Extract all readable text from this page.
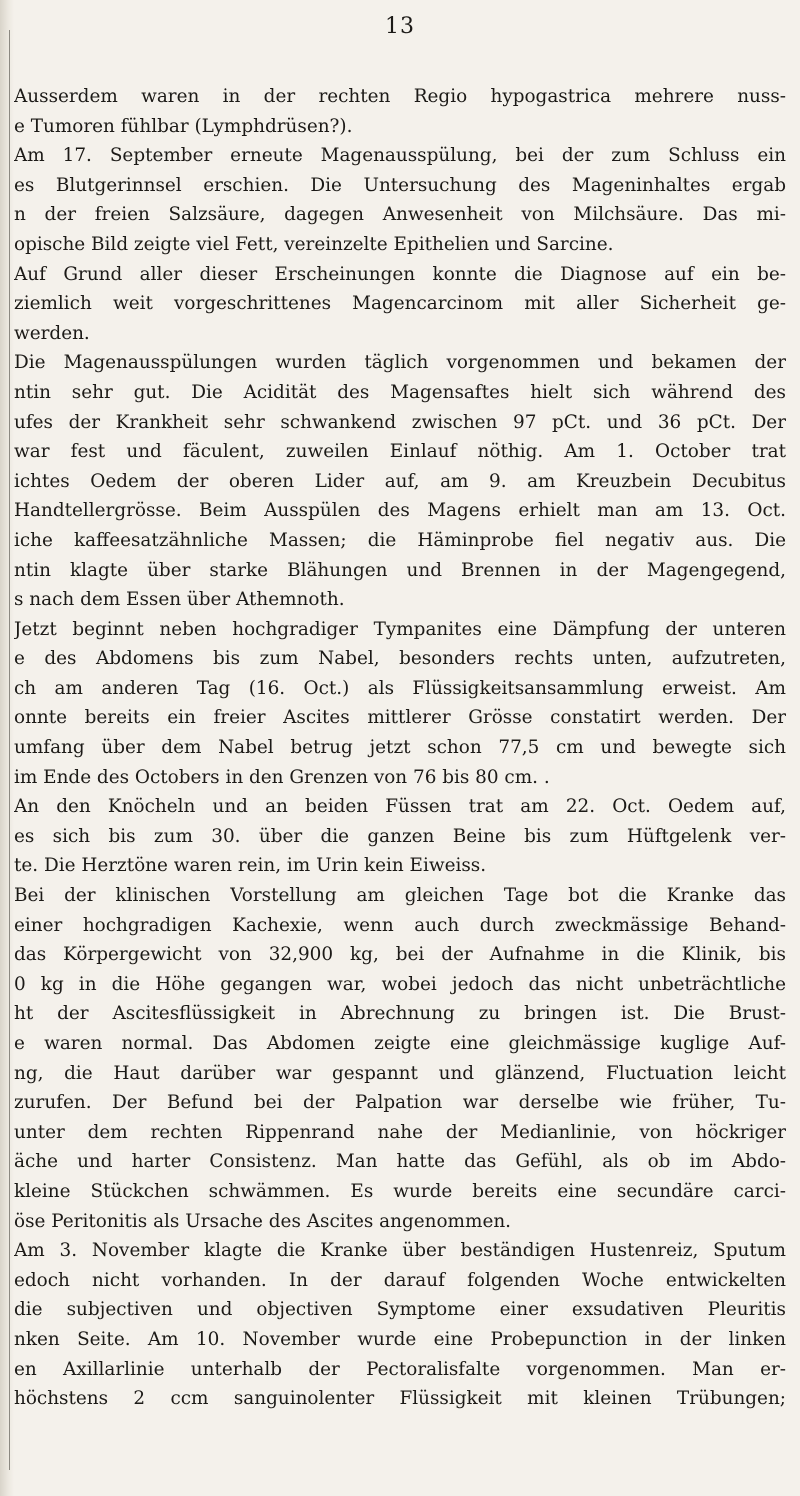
13
Ausserdem waren in der rechten Regio hypogastrica mehrere nuss-
e Tumoren fühlbar (Lymphdrüsen?).
Am 17. September erneute Magenausspülung, bei der zum Schluss ein
es Blutgerinnsel erschien. Die Untersuchung des Mageninhaltes ergab
n der freien Salzsäure, dagegen Anwesenheit von Milchsäure. Das mi-
opische Bild zeigte viel Fett, vereinzelte Epithelien und Sarcine.
Auf Grund aller dieser Erscheinungen konnte die Diagnose auf ein be-
ziemlich weit vorgeschrittenes Magencarcinom mit aller Sicherheit ge-
werden.
Die Magenausspülungen wurden täglich vorgenommen und bekamen der
ntin sehr gut. Die Acidität des Magensaftes hielt sich während des
ufes der Krankheit sehr schwankend zwischen 97 pCt. und 36 pCt. Der
war fest und fäculent, zuweilen Einlauf nöthig. Am 1. October trat
ichtes Oedem der oberen Lider auf, am 9. am Kreuzbein Decubitus
Handtellergrösse. Beim Ausspülen des Magens erhielt man am 13. Oct.
iche kaffeesatzähnliche Massen; die Häminprobe fiel negativ aus. Die
ntin klagte über starke Blähungen und Brennen in der Magengegend,
s nach dem Essen über Athemnoth.
Jetzt beginnt neben hochgradiger Tympanites eine Dämpfung der unteren
e des Abdomens bis zum Nabel, besonders rechts unten, aufzutreten,
ch am anderen Tag (16. Oct.) als Flüssigkeitsansammlung erweist. Am
onnte bereits ein freier Ascites mittlerer Grösse constatirt werden. Der
umfang über dem Nabel betrug jetzt schon 77,5 cm und bewegte sich
im Ende des Octobers in den Grenzen von 76 bis 80 cm. .
An den Knöcheln und an beiden Füssen trat am 22. Oct. Oedem auf,
es sich bis zum 30. über die ganzen Beine bis zum Hüftgelenk ver-
te. Die Herztöne waren rein, im Urin kein Eiweiss.
Bei der klinischen Vorstellung am gleichen Tage bot die Kranke das
einer hochgradigen Kachexie, wenn auch durch zweckmässige Behand-
das Körpergewicht von 32,900 kg, bei der Aufnahme in die Klinik, bis
0 kg in die Höhe gegangen war, wobei jedoch das nicht unbeträchtliche
ht der Ascitesflüssigkeit in Abrechnung zu bringen ist. Die Brust-
e waren normal. Das Abdomen zeigte eine gleichmässige kuglige Auf-
ng, die Haut darüber war gespannt und glänzend, Fluctuation leicht
zurufen. Der Befund bei der Palpation war derselbe wie früher, Tu-
unter dem rechten Rippenrand nahe der Medianlinie, von höckriger
äche und harter Consistenz. Man hatte das Gefühl, als ob im Abdo-
kleine Stückchen schwämmen. Es wurde bereits eine secundäre carci-
öse Peritonitis als Ursache des Ascites angenommen.
Am 3. November klagte die Kranke über beständigen Hustenreiz, Sputum
edoch nicht vorhanden. In der darauf folgenden Woche entwickelten
die subjectiven und objectiven Symptome einer exsudativen Pleuritis
nken Seite. Am 10. November wurde eine Probepunction in der linken
en Axillarlinie unterhalb der Pectoralisfalte vorgenommen. Man er-
höchstens 2 ccm sanguinolenter Flüssigkeit mit kleinen Trübungen;
